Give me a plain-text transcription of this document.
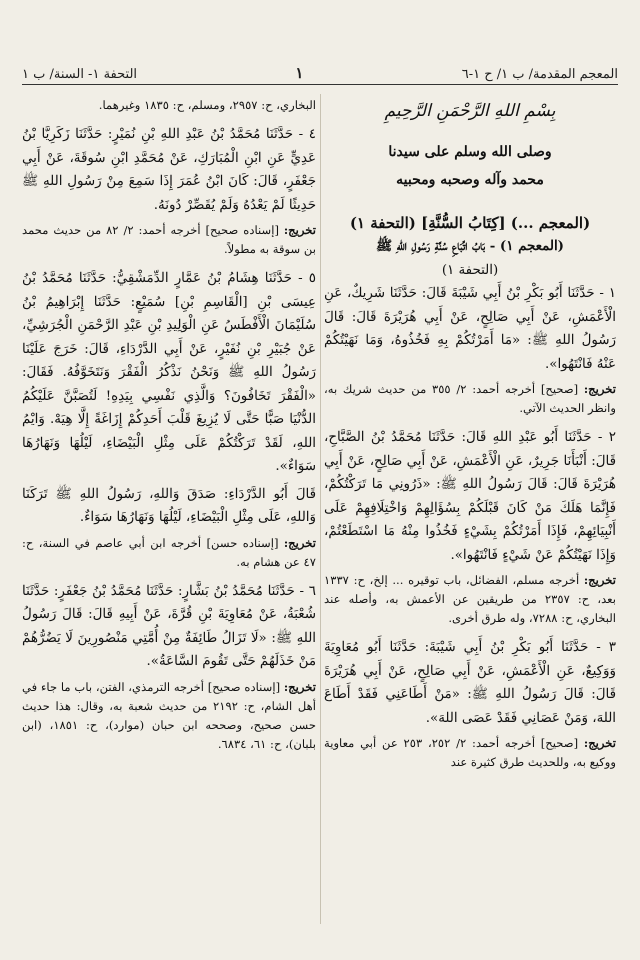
المعجم المقدمة/ ب ١/ ح ١-٦
١
التحفة ١- السنة/ ب ١
بِسْمِ اللهِ الرَّحْمَنِ الرَّحِيمِ
وصلى الله وسلم على سيدنا
محمد وآله وصحبه ومحبيه

(المعجم ...) [كِتَابُ السُّنَّةِ] (التحفة ١)

(المعجم ١) - بَابُ اتِّبَاعِ سُنَّةِ رَسُولِ اللهِ ﷺ

(التحفة ١)

١ - حَدَّثَنَا أَبُو بَكْرِ بْنُ أَبِي شَيْبَةَ قَالَ: حَدَّثَنَا شَرِيكٌ، عَنِ الْأَعْمَشِ، عَنْ أَبِي صَالِحٍ، عَنْ أَبِي هُرَيْرَةَ قَالَ: قَالَ رَسُولُ اللهِ ﷺ: «مَا أَمَرْتُكُمْ بِهِ فَخُذُوهُ، وَمَا نَهَيْتُكُمْ عَنْهُ فَانْتَهُوا».

تخريج: [صحيح] أخرجه أحمد: ٢/ ٣٥٥ من حديث شريك به، وانظر الحديث الآتي.

٢ - حَدَّثَنَا أَبُو عَبْدِ اللهِ قَالَ: حَدَّثَنَا مُحَمَّدُ بْنُ الصَّبَّاحِ، قَالَ: أَنْبَأَنَا جَرِيرٌ، عَنِ الْأَعْمَشِ، عَنْ أَبِي صَالِحٍ، عَنْ أَبِي هُرَيْرَةَ قَالَ: قَالَ رَسُولُ اللهِ ﷺ: «ذَرُونِي مَا تَرَكْتُكُمْ، فَإِنَّمَا هَلَكَ مَنْ كَانَ قَبْلَكُمْ بِسُؤَالِهِمْ وَاخْتِلَافِهِمْ عَلَى أَنْبِيَائِهِمْ، فَإِذَا أَمَرْتُكُمْ بِشَيْءٍ فَخُذُوا مِنْهُ مَا اسْتَطَعْتُمْ، وَإِذَا نَهَيْتُكُمْ عَنْ شَيْءٍ فَانْتَهُوا».

تخريج: أخرجه مسلم، الفضائل، باب توقيره ... إلخ، ح: ١٣٣٧ بعد، ح: ٢٣٥٧ من طريقين عن الأعمش به، وأصله عند البخاري، ح: ٧٢٨٨، وله طرق أخرى.

٣ - حَدَّثَنَا أَبُو بَكْرِ بْنُ أَبِي شَيْبَةَ: حَدَّثَنَا أَبُو مُعَاوِيَةَ وَوَكِيعٌ، عَنِ الْأَعْمَشِ، عَنْ أَبِي صَالِحٍ، عَنْ أَبِي هُرَيْرَةَ قَالَ: قَالَ رَسُولُ اللهِ ﷺ: «مَنْ أَطَاعَنِي فَقَدْ أَطَاعَ اللهَ، وَمَنْ عَصَانِي فَقَدْ عَصَى اللهَ».

تخريج: [صحيح] أخرجه أحمد: ٢/ ٢٥٢، ٢٥٣ عن أبي معاوية ووكيع به، وللحديث طرق كثيرة عند

البخاري، ح: ٢٩٥٧، ومسلم، ح: ١٨٣٥ وغيرهما.

٤ - حَدَّثَنَا مُحَمَّدُ بْنُ عَبْدِ اللهِ بْنِ نُمَيْرٍ: حَدَّثَنَا زَكَرِيَّا بْنُ عَدِيٍّ عَنِ ابْنِ الْمُبَارَكِ، عَنْ مُحَمَّدِ ابْنِ سُوقَةَ، عَنْ أَبِي جَعْفَرٍ، قَالَ: كَانَ ابْنُ عُمَرَ إِذَا سَمِعَ مِنْ رَسُولِ اللهِ ﷺ حَدِيثًا لَمْ يَعْدُهُ وَلَمْ يُقَصِّرْ دُونَهُ.

تخريج: [إسناده صحيح] أخرجه أحمد: ٢/ ٨٢ من حديث محمد بن سوقة به مطولاً.

٥ - حَدَّثَنَا هِشَامُ بْنُ عَمَّارٍ الدِّمَشْقِيُّ: حَدَّثَنَا مُحَمَّدُ بْنُ عِيسَى بْنِ [الْقَاسِمِ بْنِ] سُمَيْعٍ: حَدَّثَنَا إِبْرَاهِيمُ بْنُ سُلَيْمَانَ الْأَفْطَسُ عَنِ الْوَلِيدِ بْنِ عَبْدِ الرَّحْمَنِ الْجُرَشِيِّ، عَنْ جُبَيْرِ بْنِ نُفَيْرٍ، عَنْ أَبِي الدَّرْدَاءِ، قَالَ: خَرَجَ عَلَيْنَا رَسُولُ اللهِ ﷺ وَنَحْنُ نَذْكُرُ الْفَقْرَ وَنَتَخَوَّفُهُ. فَقَالَ: «الْفَقْرَ تَخَافُونَ؟ وَالَّذِي نَفْسِي بِيَدِهِ! لَتُصَبَّنَّ عَلَيْكُمُ الدُّنْيَا صَبًّا حَتَّى لَا يُزِيغَ قَلْبَ أَحَدِكُمْ إِزَاغَةً إِلَّا هِيَهْ. وَايْمُ اللهِ، لَقَدْ تَرَكْتُكُمْ عَلَى مِثْلِ الْبَيْضَاءِ، لَيْلُهَا وَنَهَارُهَا سَوَاءٌ».

قَالَ أَبُو الدَّرْدَاءِ: صَدَقَ وَاللهِ، رَسُولُ اللهِ ﷺ تَرَكَنَا وَاللهِ، عَلَى مِثْلِ الْبَيْضَاءِ، لَيْلُهَا وَنَهَارُهَا سَوَاءٌ.

تخريج: [إسناده حسن] أخرجه ابن أبي عاصم في السنة، ح: ٤٧ عن هشام به.

٦ - حَدَّثَنَا مُحَمَّدُ بْنُ بَشَّارٍ: حَدَّثَنَا مُحَمَّدُ بْنُ جَعْفَرٍ: حَدَّثَنَا شُعْبَةُ، عَنْ مُعَاوِيَةَ بْنِ قُرَّةَ، عَنْ أَبِيهِ قَالَ: قَالَ رَسُولُ اللهِ ﷺ: «لَا تَزَالُ طَائِفَةٌ مِنْ أُمَّتِي مَنْصُورِينَ لَا يَضُرُّهُمْ مَنْ خَذَلَهُمْ حَتَّى تَقُومَ السَّاعَةُ».

تخريج: [إسناده صحيح] أخرجه الترمذي، الفتن، باب ما جاء في أهل الشام، ح: ٢١٩٢ من حديث شعبة به، وقال: هذا حديث حسن صحيح، وصححه ابن حبان (موارد)، ح: ١٨٥١، (ابن بلبان)، ح: ٦١، ٦٨٣٤.
